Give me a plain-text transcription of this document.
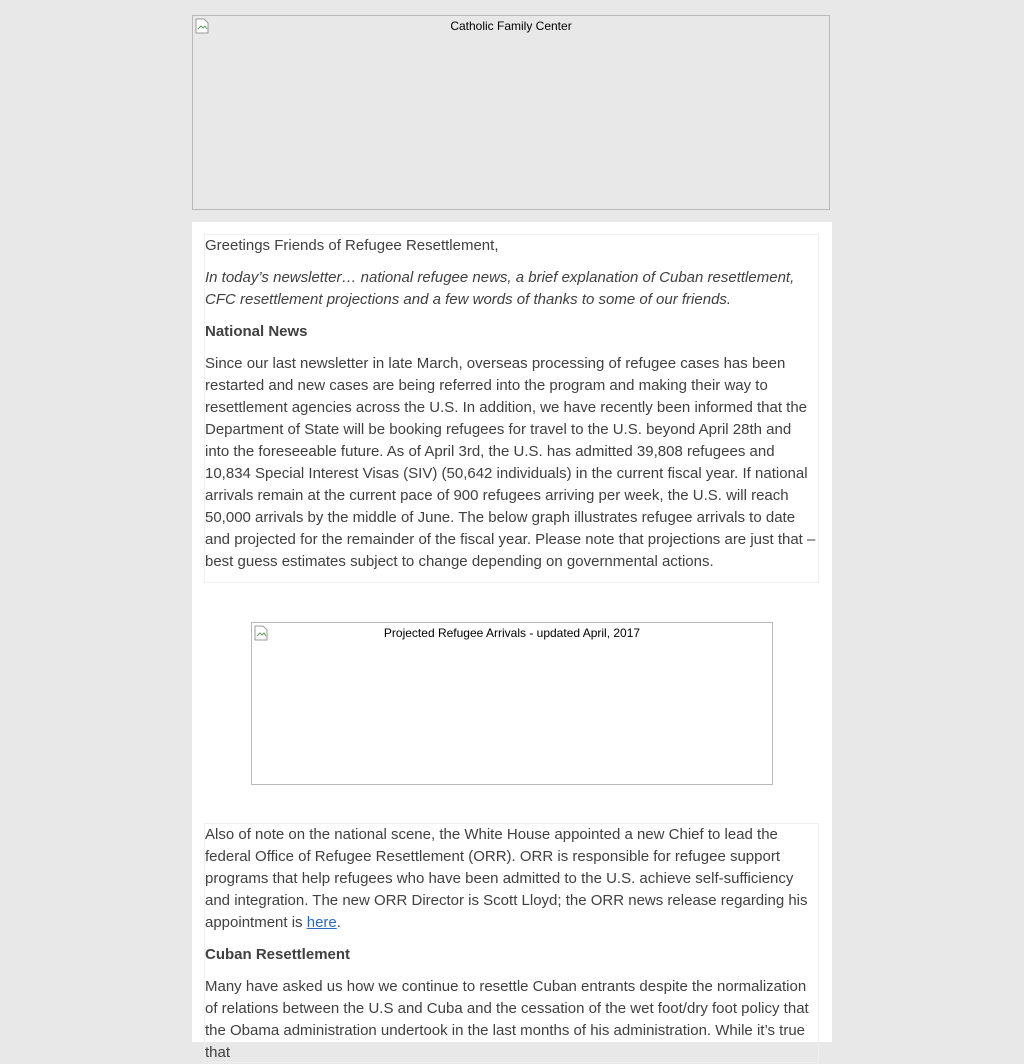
Catholic Family Center

Greetings Friends of Refugee Resettlement,

In today’s newsletter… national refugee news, a brief explanation of Cuban resettlement, CFC resettlement projections and a few words of thanks to some of our friends.

National News

Since our last newsletter in late March, overseas processing of refugee cases has been restarted and new cases are being referred into the program and making their way to resettlement agencies across the U.S. In addition, we have recently been informed that the Department of State will be booking refugees for travel to the U.S. beyond April 28th and into the foreseeable future. As of April 3rd, the U.S. has admitted 39,808 refugees and 10,834 Special Interest Visas (SIV) (50,642 individuals) in the current fiscal year. If national arrivals remain at the current pace of 900 refugees arriving per week, the U.S. will reach 50,000 arrivals by the middle of June. The below graph illustrates refugee arrivals to date and projected for the remainder of the fiscal year. Please note that projections are just that – best guess estimates subject to change depending on governmental actions.

Projected Refugee Arrivals - updated April, 2017

Also of note on the national scene, the White House appointed a new Chief to lead the federal Office of Refugee Resettlement (ORR). ORR is responsible for refugee support programs that help refugees who have been admitted to the U.S. achieve self-sufficiency and integration. The new ORR Director is Scott Lloyd; the ORR news release regarding his appointment is here.

Cuban Resettlement

Many have asked us how we continue to resettle Cuban entrants despite the normalization of relations between the U.S and Cuba and the cessation of the wet foot/dry foot policy that the Obama administration undertook in the last months of his administration. While it’s true that
